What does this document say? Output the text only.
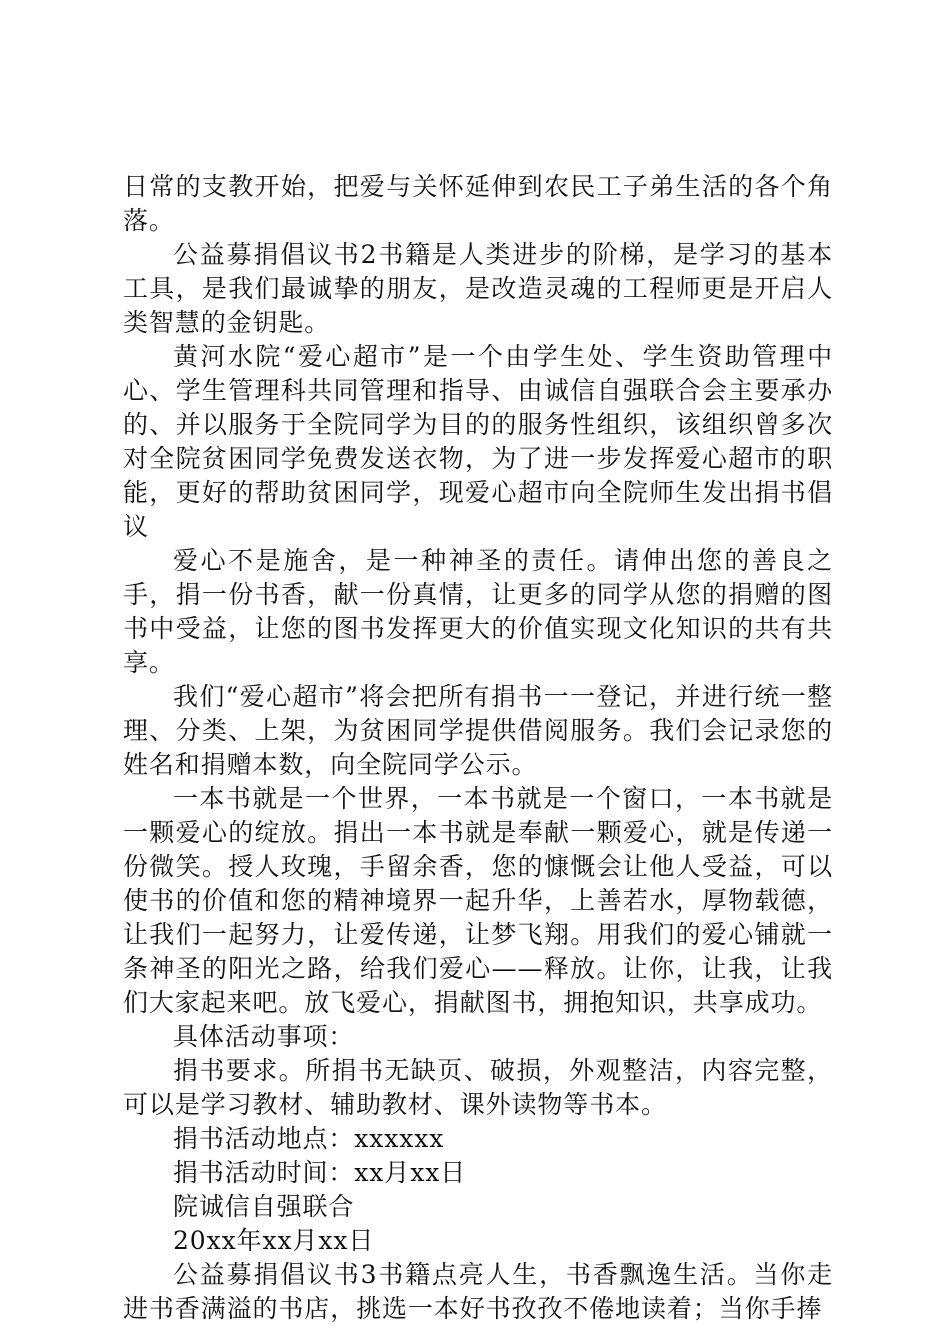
日常的支教开始，把爱与关怀延伸到农民工子弟生活的各个角落。

公益募捐倡议书2书籍是人类进步的阶梯，是学习的基本工具，是我们最诚挚的朋友，是改造灵魂的工程师更是开启人类智慧的金钥匙。

黄河水院“爱心超市”是一个由学生处、学生资助管理中心、学生管理科共同管理和指导、由诚信自强联合会主要承办的、并以服务于全院同学为目的的服务性组织，该组织曾多次对全院贫困同学免费发送衣物，为了进一步发挥爱心超市的职能，更好的帮助贫困同学，现爱心超市向全院师生发出捐书倡议

爱心不是施舍，是一种神圣的责任。请伸出您的善良之手，捐一份书香，献一份真情，让更多的同学从您的捐赠的图书中受益，让您的图书发挥更大的价值实现文化知识的共有共享。

我们“爱心超市”将会把所有捐书一一登记，并进行统一整理、分类、上架，为贫困同学提供借阅服务。我们会记录您的姓名和捐赠本数，向全院同学公示。

一本书就是一个世界，一本书就是一个窗口，一本书就是一颗爱心的绽放。捐出一本书就是奉献一颗爱心，就是传递一份微笑。授人玫瑰，手留余香，您的慷慨会让他人受益，可以使书的价值和您的精神境界一起升华，上善若水，厚物载德，让我们一起努力，让爱传递，让梦飞翔。用我们的爱心铺就一条神圣的阳光之路，给我们爱心——释放。让你，让我，让我们大家起来吧。放飞爱心，捐献图书，拥抱知识，共享成功。

具体活动事项：

捐书要求。所捐书无缺页、破损，外观整洁，内容完整，可以是学习教材、辅助教材、课外读物等书本。

捐书活动地点：xxxxxx

捐书活动时间：xx月xx日

院诚信自强联合

20xx年xx月xx日

公益募捐倡议书3书籍点亮人生，书香飘逸生活。当你走进书香满溢的书店，挑选一本好书孜孜不倦地读着；当你手捧
